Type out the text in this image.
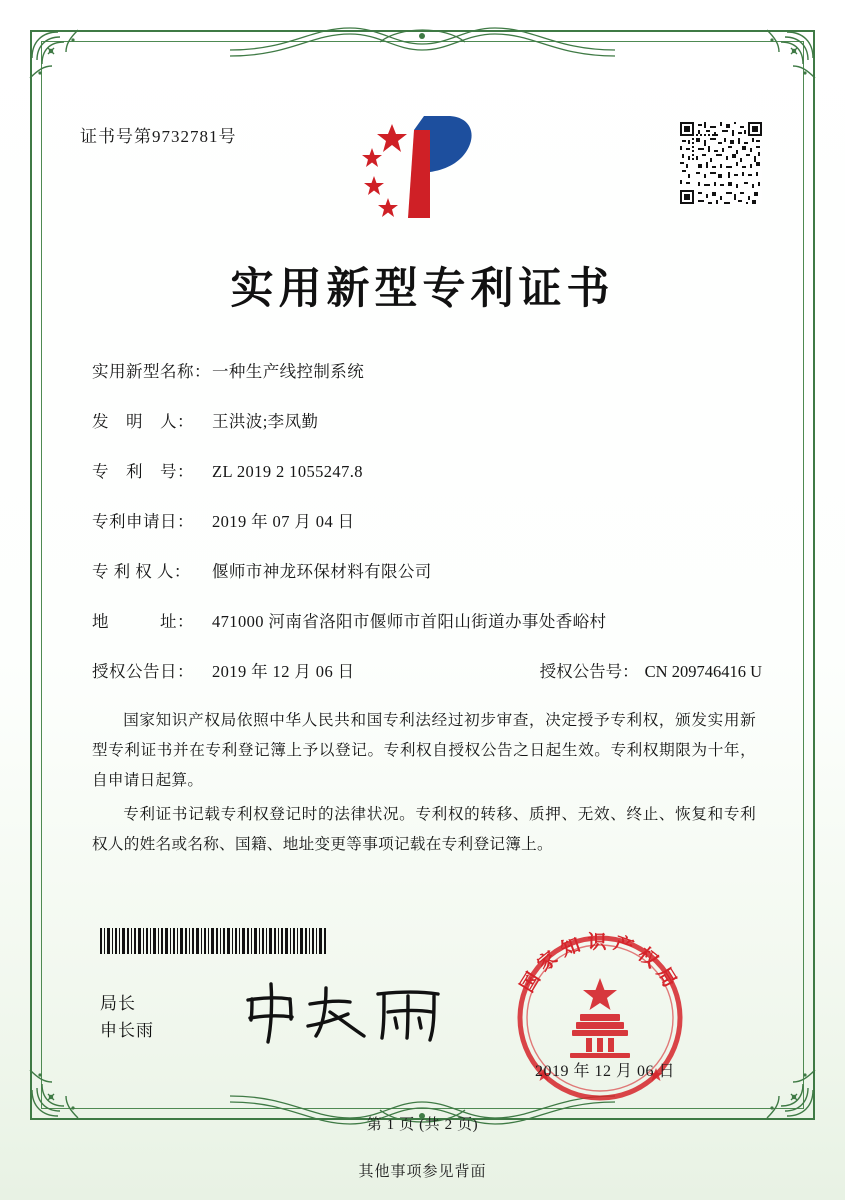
证书号第9732781号
实用新型专利证书
实用新型名称： 一种生产线控制系统
发　明　人：	王洪波;李凤勤
专　利　号：	ZL 2019 2 1055247.8
专利申请日：	2019 年 07 月 04 日
专 利 权 人：	偃师市神龙环保材料有限公司
地　　　址：	471000 河南省洛阳市偃师市首阳山街道办事处香峪村
授权公告日：	2019 年 12 月 06 日	授权公告号： CN 209746416 U
国家知识产权局依照中华人民共和国专利法经过初步审查，决定授予专利权，颁发实用新型专利证书并在专利登记簿上予以登记。专利权自授权公告之日起生效。专利权期限为十年，自申请日起算。
专利证书记载专利权登记时的法律状况。专利权的转移、质押、无效、终止、恢复和专利权人的姓名或名称、国籍、地址变更等事项记载在专利登记簿上。
局长
申长雨
国家知识产权局
2019 年 12 月 06 日
第 1 页 (共 2 页)
其他事项参见背面
